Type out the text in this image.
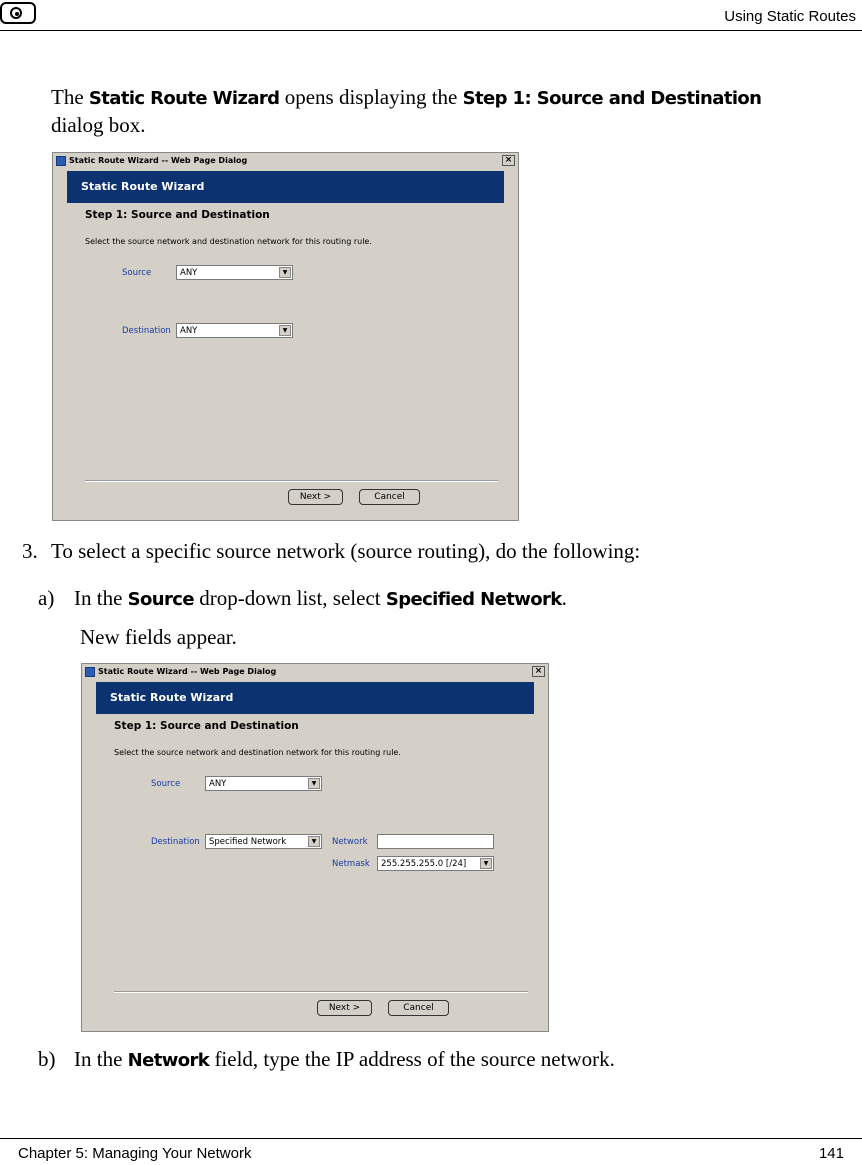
Using Static Routes
The Static Route Wizard opens displaying the Step 1: Source and Destination
dialog box.
Static Route Wizard -- Web Page Dialog	×
Static Route Wizard
Step 1: Source and Destination
Select the source network and destination network for this routing rule.
Source	ANY	▼
Destination ANY	▼
Next >	Cancel
3. To select a specific source network (source routing), do the following:
a) In the Source drop-down list, select Specified Network.
New fields appear.
Static Route Wizard -- Web Page Dialog	×
Static Route Wizard
Step 1: Source and Destination
Select the source network and destination network for this routing rule.
Source	ANY	▼
Destination Specified Network	▼	Network
Netmask 255.255.255.0 [/24]	▼
Next >	Cancel
b) In the Network field, type the IP address of the source network.
Chapter 5: Managing Your Network	141
